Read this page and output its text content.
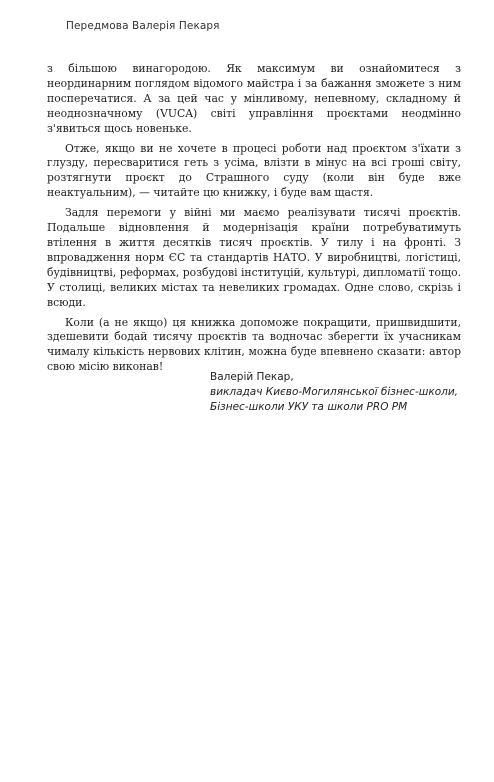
Передмова Валерія Пекаря

з більшою винагородою. Як максимум ви ознайомитеся з неординарним поглядом відомого майстра і за бажання зможете з ним посперечатися. А за цей час у мінливому, непевному, складному й неоднозначному (VUCA) світі управління проєктами неодмінно з'явиться щось новеньке.

Отже, якщо ви не хочете в процесі роботи над проєктом з'їхати з глузду, пересваритися геть з усіма, влізти в мінус на всі гроші світу, розтягнути проєкт до Страшного суду (коли він буде вже неактуальним), — читайте цю книжку, і буде вам щастя.

Задля перемоги у війні ми маємо реалізувати тисячі проєктів. Подальше відновлення й модернізація країни потребуватимуть втілення в життя десятків тисяч проєктів. У тилу і на фронті. З впровадження норм ЄС та стандартів НАТО. У виробництві, логістиці, будівництві, реформах, розбудові інституцій, культурі, дипломатії тощо. У столиці, великих містах та невеликих громадах. Одне слово, скрізь і всюди.

Коли (а не якщо) ця книжка допоможе покращити, пришвидшити, здешевити бодай тисячу проєктів та водночас зберегти їх учасникам чималу кількість нервових клітин, можна буде впевнено сказати: автор свою місію виконав!

Валерій Пекар,
викладач Києво-Могилянської бізнес-школи,
Бізнес-школи УКУ та школи PRO PM
